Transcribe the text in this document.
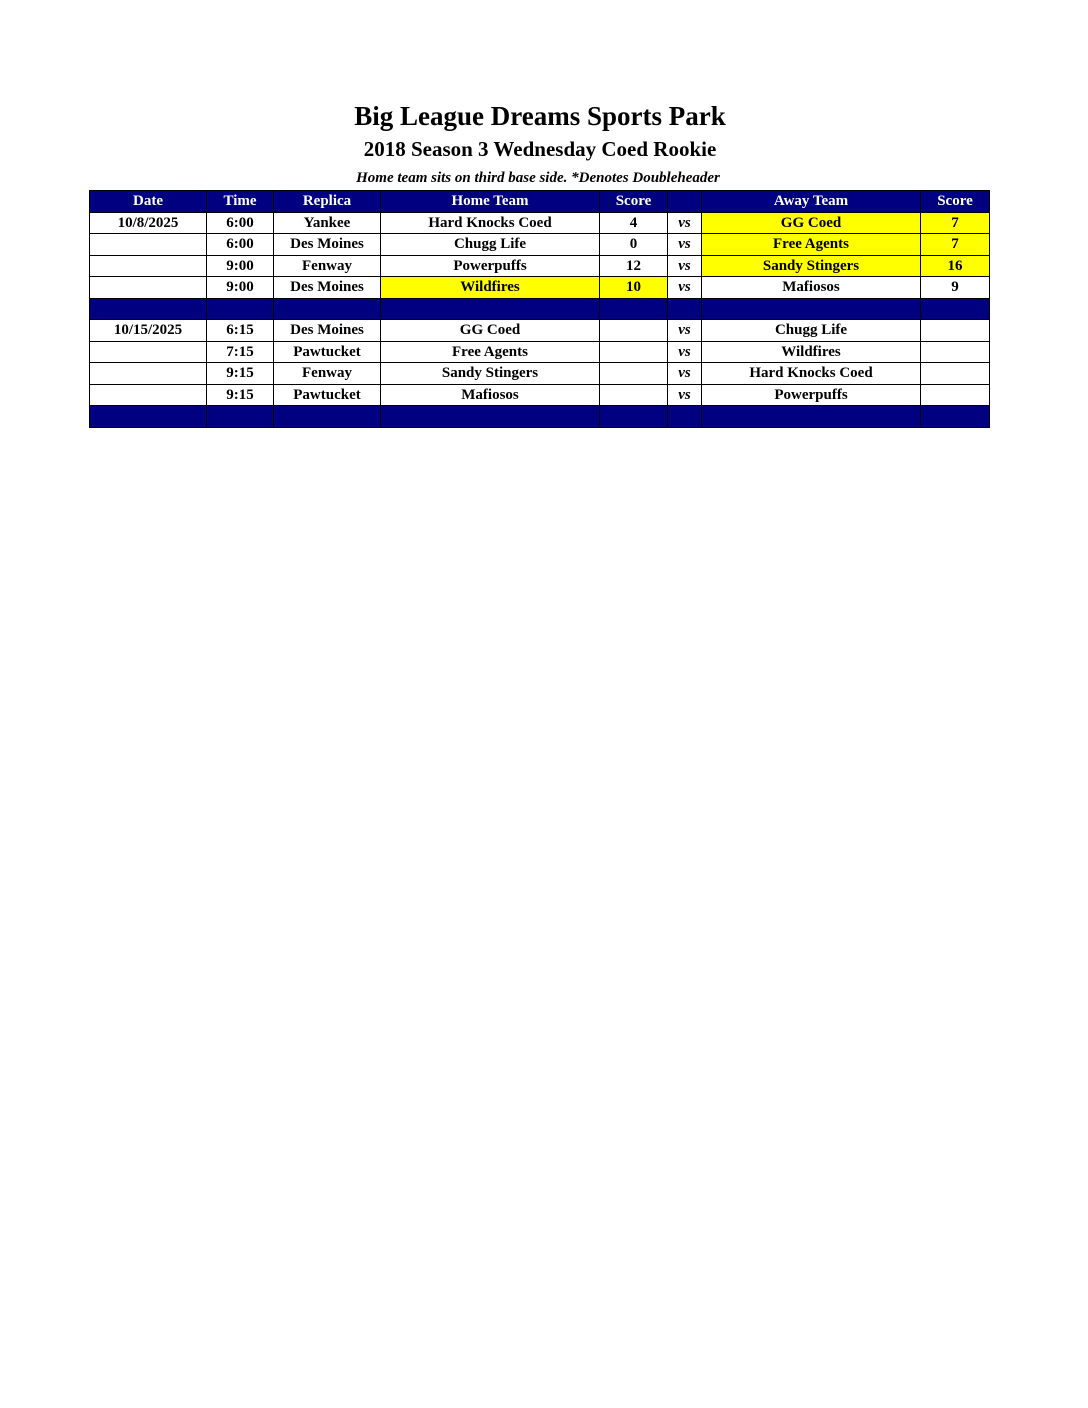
Big League Dreams Sports Park
2018 Season 3 Wednesday Coed Rookie
Home team sits on third base side. *Denotes Doubleheader
Date	Time	Replica	Home Team	Score		Away Team	Score
10/8/2025	6:00	Yankee	Hard Knocks Coed	4	vs	GG Coed	7
	6:00	Des Moines	Chugg Life	0	vs	Free Agents	7
	9:00	Fenway	Powerpuffs	12	vs	Sandy Stingers	16
	9:00	Des Moines	Wildfires	10	vs	Mafiosos	9

10/15/2025	6:15	Des Moines	GG Coed		vs	Chugg Life	
	7:15	Pawtucket	Free Agents		vs	Wildfires	
	9:15	Fenway	Sandy Stingers		vs	Hard Knocks Coed	
	9:15	Pawtucket	Mafiosos		vs	Powerpuffs	
